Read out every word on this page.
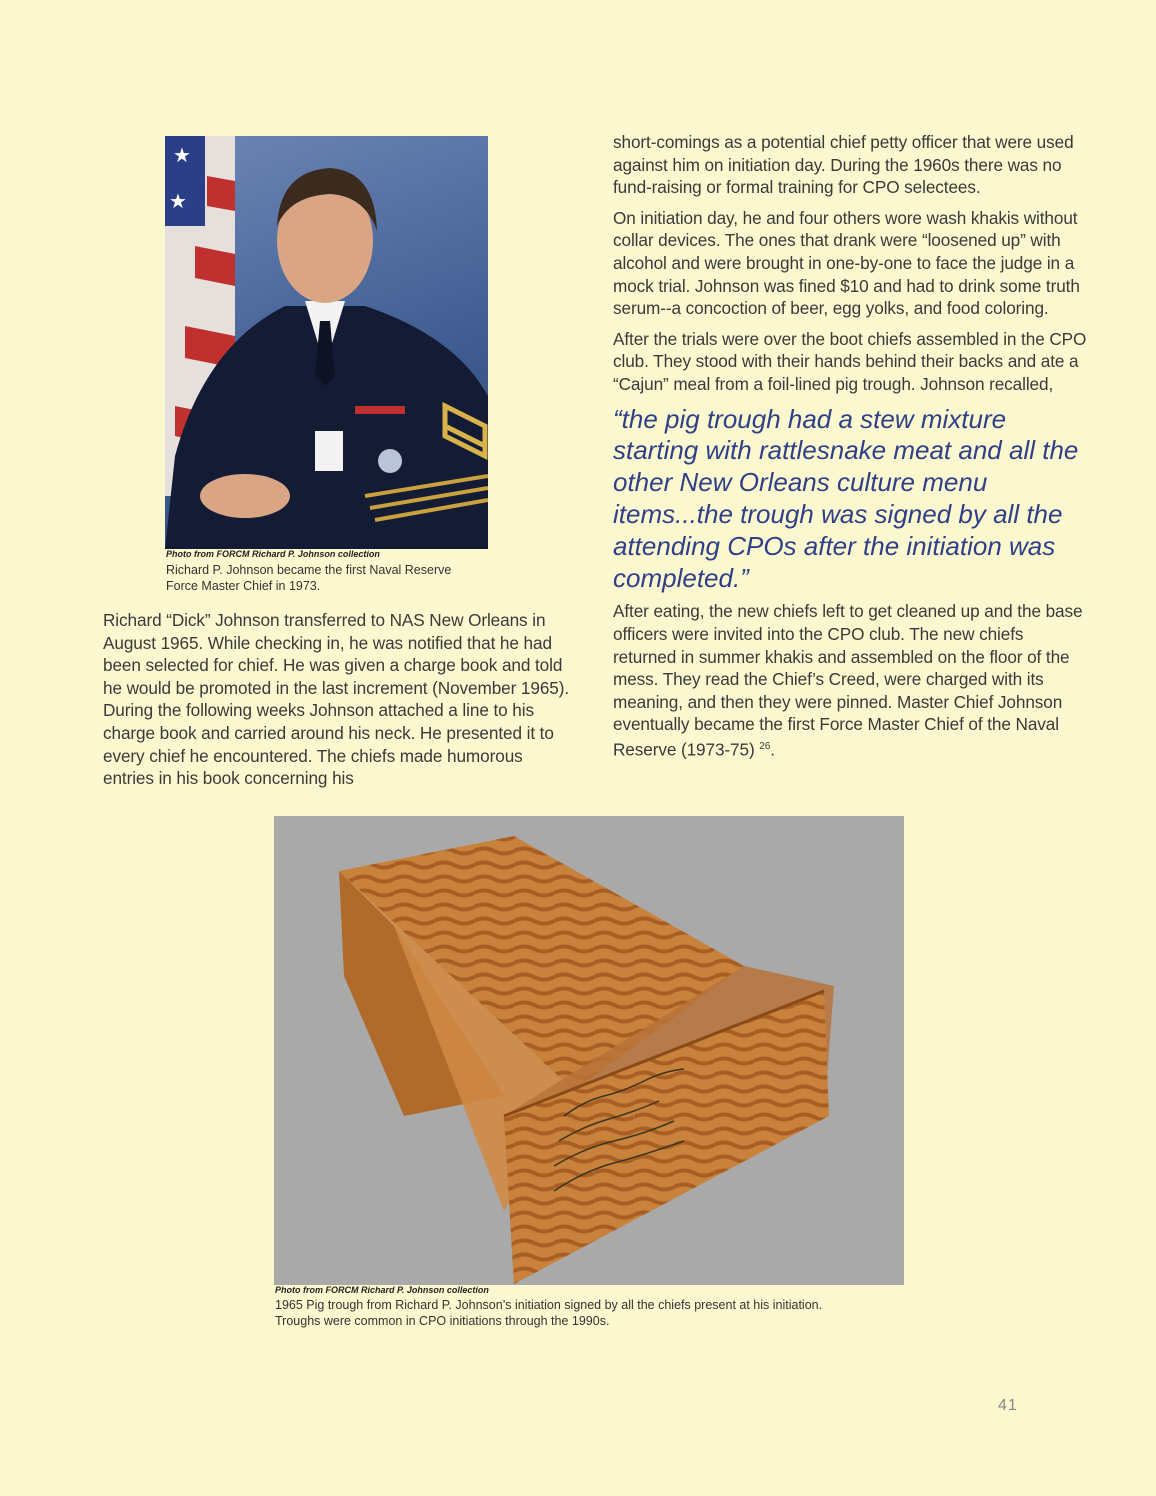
★
★
Photo from FORCM Richard P. Johnson collection
Richard P. Johnson became the first Naval Reserve
Force Master Chief in 1973.

Richard “Dick” Johnson transferred to NAS New Orleans in August 1965. While checking in, he was notified that he had been selected for chief. He was given a charge book and told he would be promoted in the last increment (November 1965). During the following weeks Johnson attached a line to his charge book and carried around his neck. He presented it to every chief he encountered. The chiefs made humorous entries in his book concerning his

short-comings as a potential chief petty officer that were used against him on initiation day. During the 1960s there was no fund-raising or formal training for CPO selectees.

On initiation day, he and four others wore wash khakis without collar devices. The ones that drank were “loosened up” with alcohol and were brought in one-by-one to face the judge in a mock trial. Johnson was fined $10 and had to drink some truth serum--a concoction of beer, egg yolks, and food coloring.

After the trials were over the boot chiefs assembled in the CPO club. They stood with their hands behind their backs and ate a “Cajun” meal from a foil-lined pig trough. Johnson recalled,

“the pig trough had a stew mixture starting with rattlesnake meat and all the other New Orleans culture menu items...the trough was signed by all the attending CPOs after the initiation was completed.”

After eating, the new chiefs left to get cleaned up and the base officers were invited into the CPO club. The new chiefs returned in summer khakis and assembled on the floor of the mess. They read the Chief’s Creed, were charged with its meaning, and then they were pinned. Master Chief Johnson eventually became the first Force Master Chief of the Naval Reserve (1973-75) $^{26}$.

Photo from FORCM Richard P. Johnson collection
1965 Pig trough from Richard P. Johnson’s initiation signed by all the chiefs present at his initiation.
Troughs were common in CPO initiations through the 1990s.
41
